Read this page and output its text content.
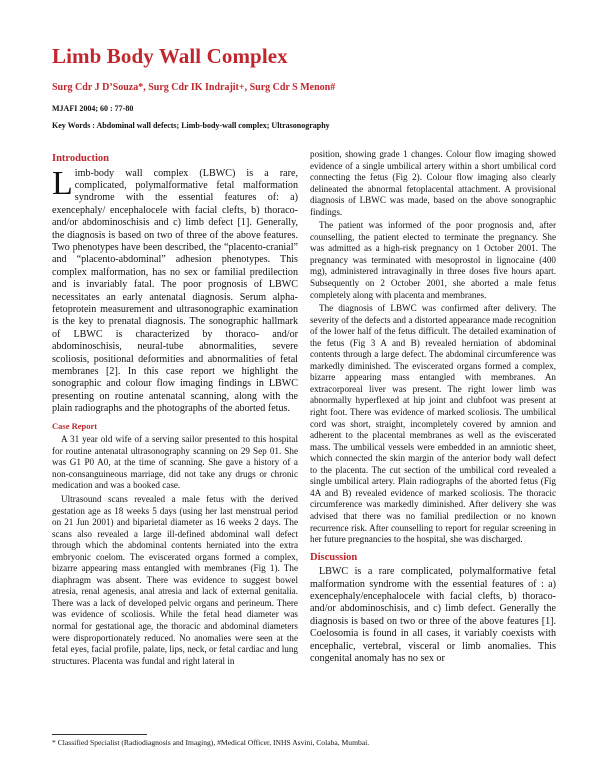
Limb Body Wall Complex
Surg Cdr J D’Souza*, Surg Cdr IK Indrajit+, Surg Cdr S Menon#
MJAFI 2004; 60 : 77-80
Key Words : Abdominal wall defects; Limb-body-wall complex; Ultrasonography
Introduction

Limb-body wall complex (LBWC) is a rare, complicated, polymalformative fetal malformation syndrome with the essential features of: a) exencephaly/ encephalocele with facial clefts, b) thoraco-and/or abdominoschisis and c) limb defect [1]. Generally, the diagnosis is based on two of three of the above features. Two phenotypes have been described, the “placento-cranial” and “placento-abdominal” adhesion phenotypes. This complex malformation, has no sex or familial predilection and is invariably fatal. The poor prognosis of LBWC necessitates an early antenatal diagnosis. Serum alpha-fetoprotein measurement and ultrasonographic examination is the key to prenatal diagnosis. The sonographic hallmark of LBWC is characterized by thoraco- and/or abdominoschisis, neural-tube abnormalities, severe scoliosis, positional deformities and abnormalities of fetal membranes [2]. In this case report we highlight the sonographic and colour flow imaging findings in LBWC presenting on routine antenatal scanning, along with the plain radiographs and the photographs of the aborted fetus.

Case Report

A 31 year old wife of a serving sailor presented to this hospital for routine antenatal ultrasonography scanning on 29 Sep 01. She was G1 P0 A0, at the time of scanning. She gave a history of a non-consanguineous marriage, did not take any drugs or chronic medication and was a booked case.

Ultrasound scans revealed a male fetus with the derived gestation age as 18 weeks 5 days (using her last menstrual period on 21 Jun 2001) and biparietal diameter as 16 weeks 2 days. The scans also revealed a large ill-defined abdominal wall defect through which the abdominal contents herniated into the extra embryonic coelom. The eviscerated organs formed a complex, bizarre appearing mass entangled with membranes (Fig 1). The diaphragm was absent. There was evidence to suggest bowel atresia, renal agenesis, anal atresia and lack of external genitalia. There was a lack of developed pelvic organs and perineum. There was evidence of scoliosis. While the fetal head diameter was normal for gestational age, the thoracic and abdominal diameters were disproportionately reduced. No anomalies were seen at the fetal eyes, facial profile, palate, lips, neck, or fetal cardiac and lung structures. Placenta was fundal and right lateral in

position, showing grade 1 changes. Colour flow imaging showed evidence of a single umbilical artery within a short umbilical cord connecting the fetus (Fig 2). Colour flow imaging also clearly delineated the abnormal fetoplacental attachment. A provisional diagnosis of LBWC was made, based on the above sonographic findings.

The patient was informed of the poor prognosis and, after counselling, the patient elected to terminate the pregnancy. She was admitted as a high-risk pregnancy on 1 October 2001. The pregnancy was terminated with mesoprostol in lignocaine (400 mg), administered intravaginally in three doses five hours apart. Subsequently on 2 October 2001, she aborted a male fetus completely along with placenta and membranes.

The diagnosis of LBWC was confirmed after delivery. The severity of the defects and a distorted appearance made recognition of the lower half of the fetus difficult. The detailed examination of the fetus (Fig 3 A and B) revealed herniation of abdominal contents through a large defect. The abdominal circumference was markedly diminished. The eviscerated organs formed a complex, bizarre appearing mass entangled with membranes. An extracorporeal liver was present. The right lower limb was abnormally hyperflexed at hip joint and clubfoot was present at right foot. There was evidence of marked scoliosis. The umbilical cord was short, straight, incompletely covered by amnion and adherent to the placental membranes as well as the eviscerated mass. The umbilical vessels were embedded in an amniotic sheet, which connected the skin margin of the anterior body wall defect to the placenta. The cut section of the umbilical cord revealed a single umbilical artery. Plain radiographs of the aborted fetus (Fig 4A and B) revealed evidence of marked scoliosis. The thoracic circumference was markedly diminished. After delivery she was advised that there was no familial predilection or no known recurrence risk. After counselling to report for regular screening in her future pregnancies to the hospital, she was discharged.

Discussion

LBWC is a rare complicated, polymalformative fetal malformation syndrome with the essential features of : a) exencephaly/encephalocele with facial clefts, b) thoraco- and/or abdominoschisis, and c) limb defect. Generally the diagnosis is based on two or three of the above features [1]. Coelosomia is found in all cases, it variably coexists with encephalic, vertebral, visceral or limb anomalies. This congenital anomaly has no sex or

* Classified Specialist (Radiodiagnosis and Imaging), #Medical Officer, INHS Asvini, Colaba, Mumbai.
